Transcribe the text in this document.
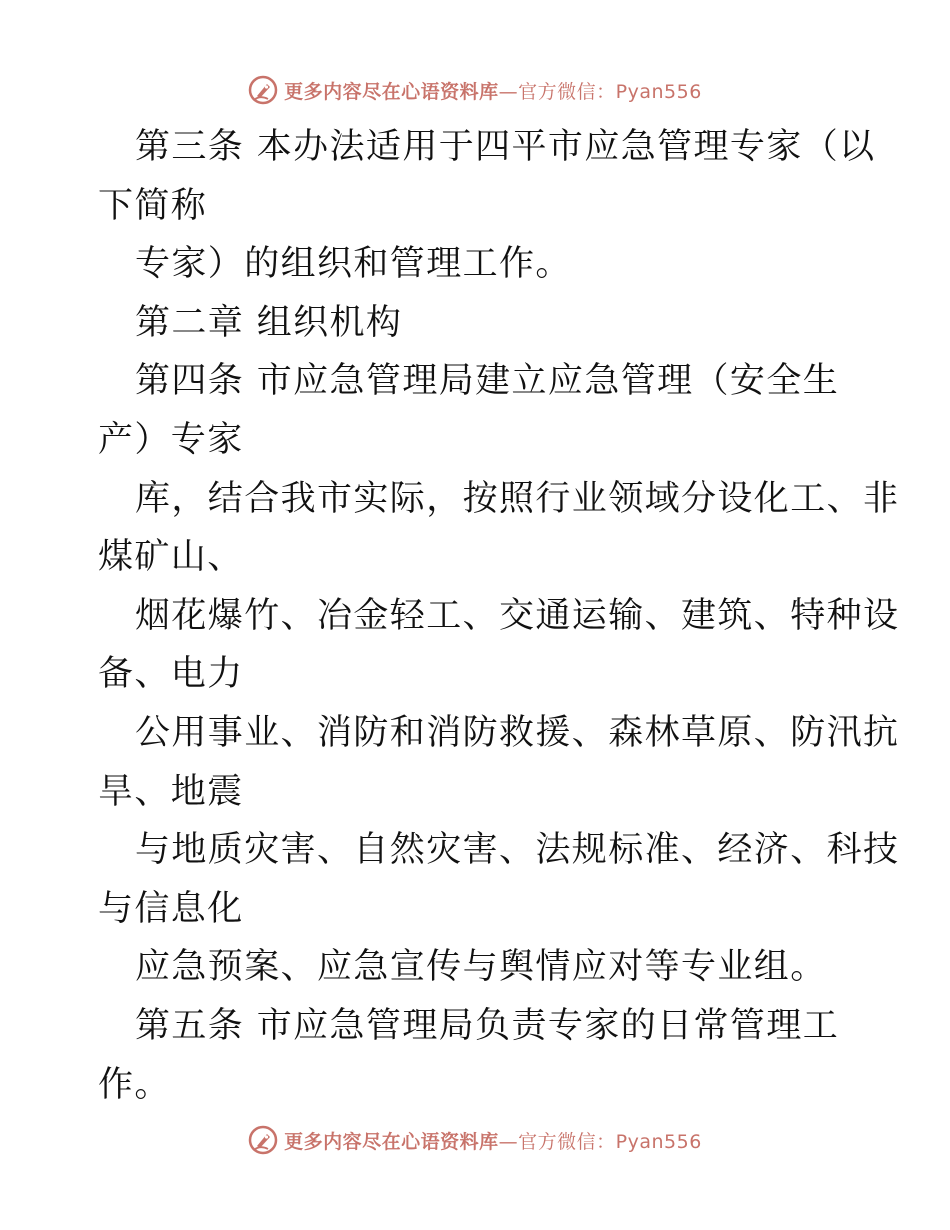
更多内容尽在心语资料库—官方微信：Pyan556
第三条 本办法适用于四平市应急管理专家（以
下简称
专家）的组织和管理工作。
第二章 组织机构
第四条 市应急管理局建立应急管理（安全生
产）专家
库，结合我市实际，按照行业领域分设化工、非
煤矿山、
烟花爆竹、冶金轻工、交通运输、建筑、特种设
备、电力
公用事业、消防和消防救援、森林草原、防汛抗
旱、地震
与地质灾害、自然灾害、法规标准、经济、科技
与信息化
应急预案、应急宣传与舆情应对等专业组。
第五条 市应急管理局负责专家的日常管理工
作。
更多内容尽在心语资料库—官方微信：Pyan556
